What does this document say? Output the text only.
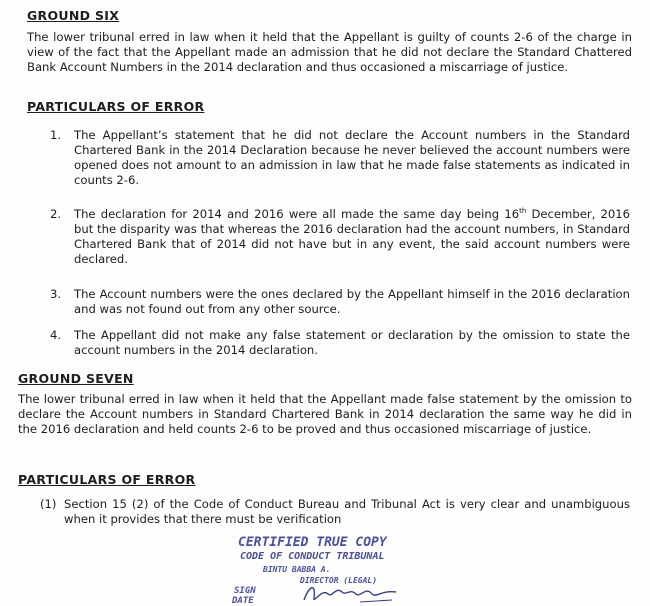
GROUND SIX
The lower tribunal erred in law when it held that the Appellant is guilty of counts 2-6 of the charge in view of the fact that the Appellant made an admission that he did not declare the Standard Chattered Bank Account Numbers in the 2014 declaration and thus occasioned a miscarriage of justice.
PARTICULARS OF ERROR
1. The Appellant’s statement that he did not declare the Account numbers in the Standard Chartered Bank in the 2014 Declaration because he never believed the account numbers were opened does not amount to an admission in law that he made false statements as indicated in counts 2-6.
2. The declaration for 2014 and 2016 were all made the same day being 16th December, 2016 but the disparity was that whereas the 2016 declaration had the account numbers, in Standard Chartered Bank that of 2014 did not have but in any event, the said account numbers were declared.
3. The Account numbers were the ones declared by the Appellant himself in the 2016 declaration and was not found out from any other source.
4. The Appellant did not make any false statement or declaration by the omission to state the account numbers in the 2014 declaration.
GROUND SEVEN
The lower tribunal erred in law when it held that the Appellant made false statement by the omission to declare the Account numbers in Standard Chartered Bank in 2014 declaration the same way he did in the 2016 declaration and held counts 2-6 to be proved and thus occasioned miscarriage of justice.
PARTICULARS OF ERROR
(1) Section 15 (2) of the Code of Conduct Bureau and Tribunal Act is very clear and unambiguous when it provides that there must be verification
CERTIFIED TRUE COPY
CODE OF CONDUCT TRIBUNAL
BINTU BABBA A.
DIRECTOR (LEGAL)
SIGN
DATE
